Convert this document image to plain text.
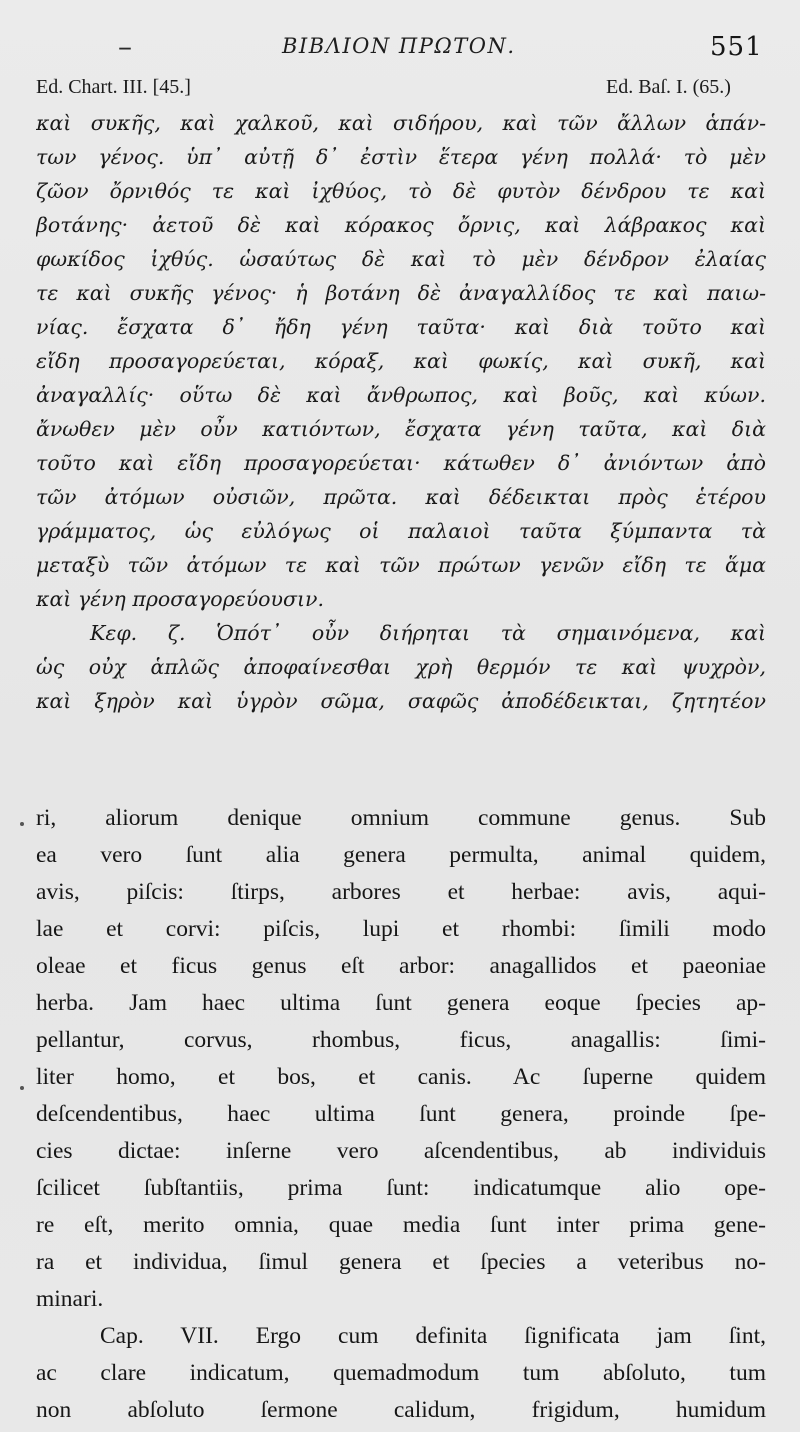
–	ΒΙΒΛΙΟΝ ΠΡΩΤΟΝ.	551
Ed. Chart. III. [45.]	Ed. Baſ. I. (65.)
καὶ συκῆς, καὶ χαλκοῦ, καὶ σιδήρου, καὶ τῶν ἄλλων ἁπάν-
των γένος. ὑπ᾽ αὐτῇ δ᾽ ἐστὶν ἕτερα γένη πολλά· τὸ μὲν
ζῶον ὄρνιθός τε καὶ ἰχθύος, τὸ δὲ φυτὸν δένδρου τε καὶ
βοτάνης· ἀετοῦ δὲ καὶ κόρακος ὄρνις, καὶ λάβρακος καὶ
φωκίδος ἰχθύς. ὡσαύτως δὲ καὶ τὸ μὲν δένδρον ἐλαίας
τε καὶ συκῆς γένος· ἡ βοτάνη δὲ ἀναγαλλίδος τε καὶ παιω-
νίας. ἔσχατα δ᾽ ἤδη γένη ταῦτα· καὶ διὰ τοῦτο καὶ
εἴδη προσαγορεύεται, κόραξ, καὶ φωκίς, καὶ συκῆ, καὶ
ἀναγαλλίς· οὕτω δὲ καὶ ἄνθρωπος, καὶ βοῦς, καὶ κύων.
ἄνωθεν μὲν οὖν κατιόντων, ἔσχατα γένη ταῦτα, καὶ διὰ
τοῦτο καὶ εἴδη προσαγορεύεται· κάτωθεν δ᾽ ἀνιόντων ἀπὸ
τῶν ἀτόμων οὐσιῶν, πρῶτα. καὶ δέδεικται πρὸς ἑτέρου
γράμματος, ὡς εὐλόγως οἱ παλαιοὶ ταῦτα ξύμπαντα τὰ
μεταξὺ τῶν ἀτόμων τε καὶ τῶν πρώτων γενῶν εἴδη τε ἅμα
καὶ γένη προσαγορεύουσιν.
Κεφ. ζ. Ὁπότ᾽ οὖν διήρηται τὰ σημαινόμενα, καὶ
ὡς οὐχ ἁπλῶς ἀποφαίνεσθαι χρὴ θερμόν τε καὶ ψυχρὸν,
καὶ ξηρὸν καὶ ὑγρὸν σῶμα, σαφῶς ἀποδέδεικται, ζητητέον
ri, aliorum denique omnium commune genus. Sub
ea vero ſunt alia genera permulta, animal quidem,
avis, piſcis: ſtirps, arbores et herbae: avis, aqui-
lae et corvi: piſcis, lupi et rhombi: ſimili modo
oleae et ficus genus eſt arbor: anagallidos et paeoniae
herba. Jam haec ultima ſunt genera eoque ſpecies ap-
pellantur, corvus, rhombus, ficus, anagallis: ſimi-
liter homo, et bos, et canis. Ac ſuperne quidem
deſcendentibus, haec ultima ſunt genera, proinde ſpe-
cies dictae: inſerne vero aſcendentibus, ab individuis
ſcilicet ſubſtantiis, prima ſunt: indicatumque alio ope-
re eſt, merito omnia, quae media ſunt inter prima gene-
ra et individua, ſimul genera et ſpecies a veteribus no-
minari.
Cap. VII. Ergo cum definita ſignificata jam ſint,
ac clare indicatum, quemadmodum tum abſoluto, tum
non abſoluto ſermone calidum, frigidum, humidum
